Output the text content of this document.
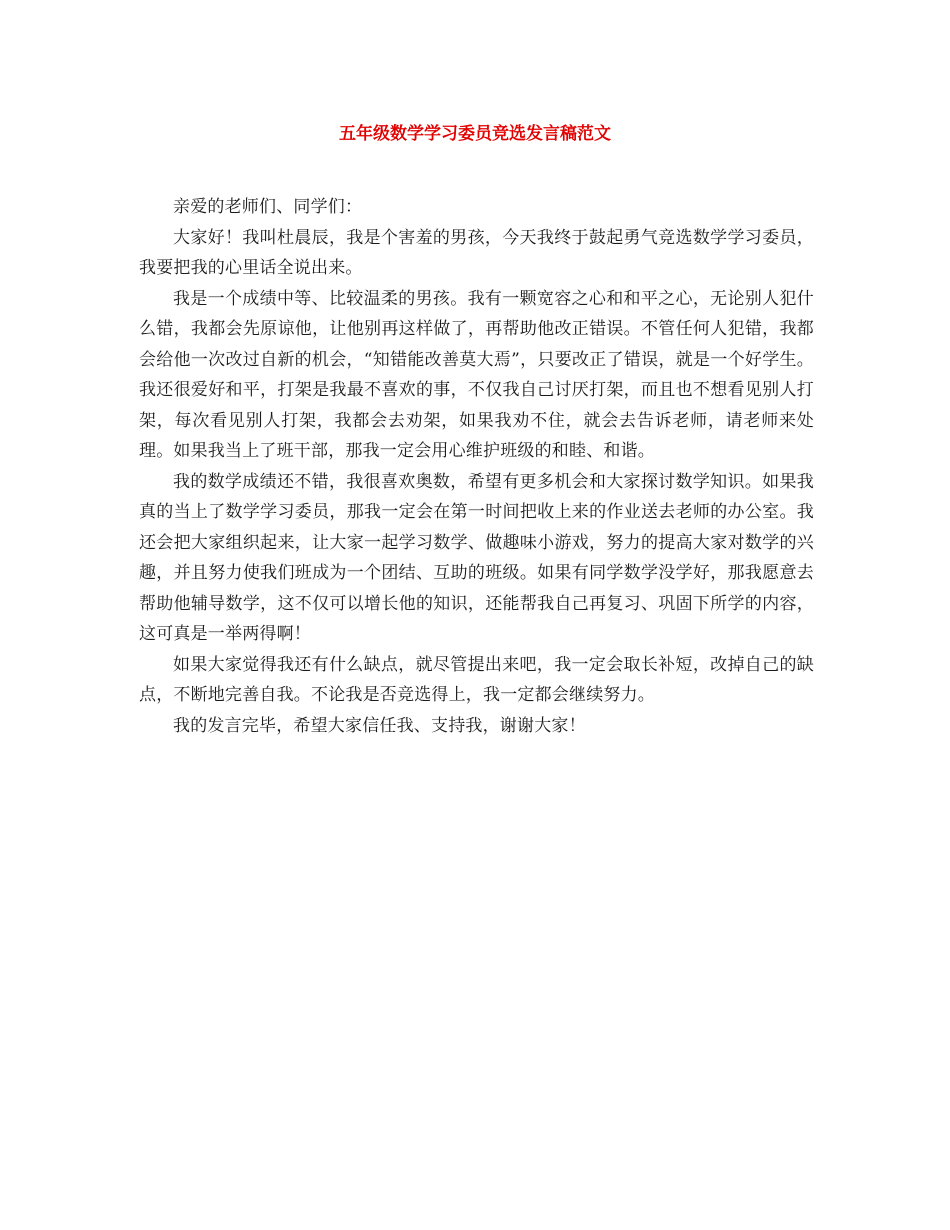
五年级数学学习委员竞选发言稿范文

亲爱的老师们、同学们：

大家好！我叫杜晨辰，我是个害羞的男孩，今天我终于鼓起勇气竞选数学学习委员，我要把我的心里话全说出来。

我是一个成绩中等、比较温柔的男孩。我有一颗宽容之心和和平之心，无论别人犯什么错，我都会先原谅他，让他别再这样做了，再帮助他改正错误。不管任何人犯错，我都会给他一次改过自新的机会，“知错能改善莫大焉”，只要改正了错误，就是一个好学生。我还很爱好和平，打架是我最不喜欢的事，不仅我自己讨厌打架，而且也不想看见别人打架，每次看见别人打架，我都会去劝架，如果我劝不住，就会去告诉老师，请老师来处理。如果我当上了班干部，那我一定会用心维护班级的和睦、和谐。

我的数学成绩还不错，我很喜欢奥数，希望有更多机会和大家探讨数学知识。如果我真的当上了数学学习委员，那我一定会在第一时间把收上来的作业送去老师的办公室。我还会把大家组织起来，让大家一起学习数学、做趣味小游戏，努力的提高大家对数学的兴趣，并且努力使我们班成为一个团结、互助的班级。如果有同学数学没学好，那我愿意去帮助他辅导数学，这不仅可以增长他的知识，还能帮我自己再复习、巩固下所学的内容，这可真是一举两得啊！

如果大家觉得我还有什么缺点，就尽管提出来吧，我一定会取长补短，改掉自己的缺点，不断地完善自我。不论我是否竞选得上，我一定都会继续努力。

我的发言完毕，希望大家信任我、支持我，谢谢大家！
